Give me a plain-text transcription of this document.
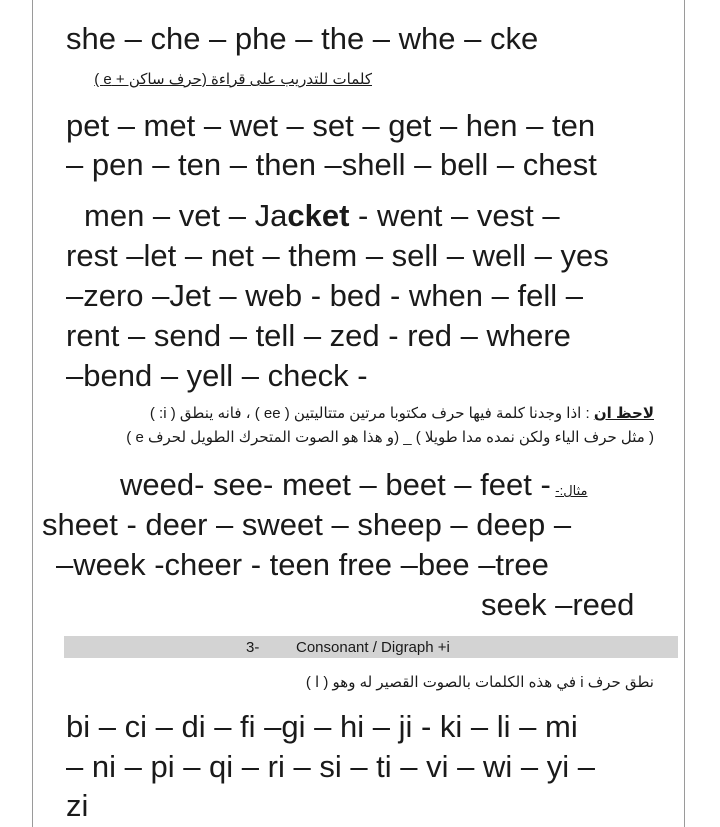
she – che – phe – the – whe – cke
كلمات للتدريب على قراءة (حرف ساكن + e )
pet – met – wet – set – get – hen – ten
– pen – ten – then –shell – bell – chest
men – vet – Jacket - went – vest –
rest –let – net – them – sell – well – yes
–zero –Jet – web - bed - when – fell –
rent – send – tell – zed - red – where
–bend – yell – check -
لاحظ ان : اذا وجدنا كلمة فيها حرف مكتوبا مرتين متتاليتين ( ee ) ، فانه ينطق ( i: )
( مثل حرف الياء ولكن نمده مدا طويلا ) _ (و هذا هو الصوت المتحرك الطويل لحرف e )
weed- see- meet – beet – feet - مثال:-
sheet - deer – sweet – sheep – deep –
–week -cheer - teen free –bee –tree
seek –reed
3- Consonant / Digraph +i
نطق حرف i في هذه الكلمات بالصوت القصير له وهو ( ا )
bi – ci – di – fi –gi – hi – ji - ki – li – mi
– ni – pi – qi – ri – si – ti – vi – wi – yi –
zi
